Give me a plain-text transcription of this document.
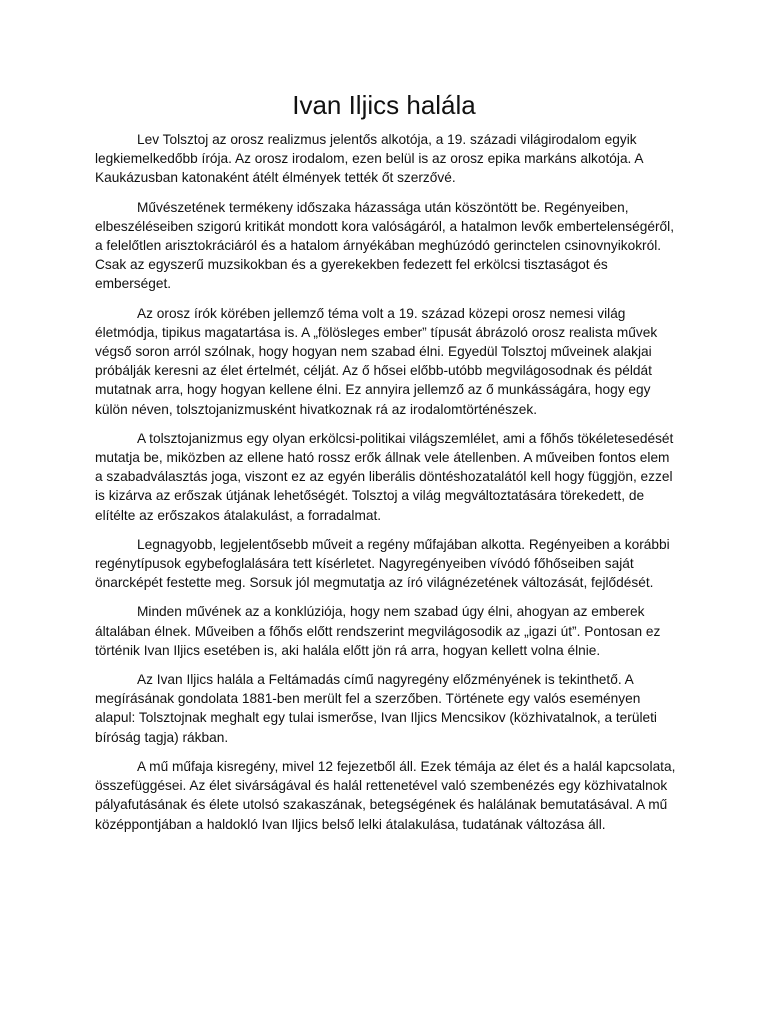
Ivan Iljics halála

Lev Tolsztoj az orosz realizmus jelentős alkotója, a 19. századi világirodalom egyik legkiemelkedőbb írója. Az orosz irodalom, ezen belül is az orosz epika markáns alkotója. A Kaukázusban katonaként átélt élmények tették őt szerzővé.

Művészetének termékeny időszaka házassága után köszöntött be. Regényeiben, elbeszéléseiben szigorú kritikát mondott kora valóságáról, a hatalmon levők embertelenségéről, a felelőtlen arisztokráciáról és a hatalom árnyékában meghúzódó gerinctelen csinovnyikokról. Csak az egyszerű muzsikokban és a gyerekekben fedezett fel erkölcsi tisztaságot és emberséget.

Az orosz írók körében jellemző téma volt a 19. század közepi orosz nemesi világ életmódja, tipikus magatartása is. A „fölösleges ember” típusát ábrázoló orosz realista művek végső soron arról szólnak, hogy hogyan nem szabad élni. Egyedül Tolsztoj műveinek alakjai próbálják keresni az élet értelmét, célját. Az ő hősei előbb-utóbb megvilágosodnak és példát mutatnak arra, hogy hogyan kellene élni. Ez annyira jellemző az ő munkásságára, hogy egy külön néven, tolsztojanizmusként hivatkoznak rá az irodalomtörténészek.

A tolsztojanizmus egy olyan erkölcsi-politikai világszemlélet, ami a főhős tökéletesedését mutatja be, miközben az ellene ható rossz erők állnak vele átellenben. A műveiben fontos elem a szabadválasztás joga, viszont ez az egyén liberális döntéshozatalától kell hogy függjön, ezzel is kizárva az erőszak útjának lehetőségét. Tolsztoj a világ megváltoztatására törekedett, de elítélte az erőszakos átalakulást, a forradalmat.

Legnagyobb, legjelentősebb műveit a regény műfajában alkotta. Regényeiben a korábbi regénytípusok egybefoglalására tett kísérletet. Nagyregényeiben vívódó főhőseiben saját önarcképét festette meg. Sorsuk jól megmutatja az író világnézetének változását, fejlődését.

Minden művének az a konklúziója, hogy nem szabad úgy élni, ahogyan az emberek általában élnek. Műveiben a főhős előtt rendszerint megvilágosodik az „igazi út”. Pontosan ez történik Ivan Iljics esetében is, aki halála előtt jön rá arra, hogyan kellett volna élnie.

Az Ivan Iljics halála a Feltámadás című nagyregény előzményének is tekinthető. A megírásának gondolata 1881-ben merült fel a szerzőben. Története egy valós eseményen alapul: Tolsztojnak meghalt egy tulai ismerőse, Ivan Iljics Mencsikov (közhivatalnok, a területi bíróság tagja) rákban.

A mű műfaja kisregény, mivel 12 fejezetből áll. Ezek témája az élet és a halál kapcsolata, összefüggései. Az élet sivárságával és halál rettenetével való szembenézés egy közhivatalnok pályafutásának és élete utolsó szakaszának, betegségének és halálának bemutatásával. A mű középpontjában a haldokló Ivan Iljics belső lelki átalakulása, tudatának változása áll.
